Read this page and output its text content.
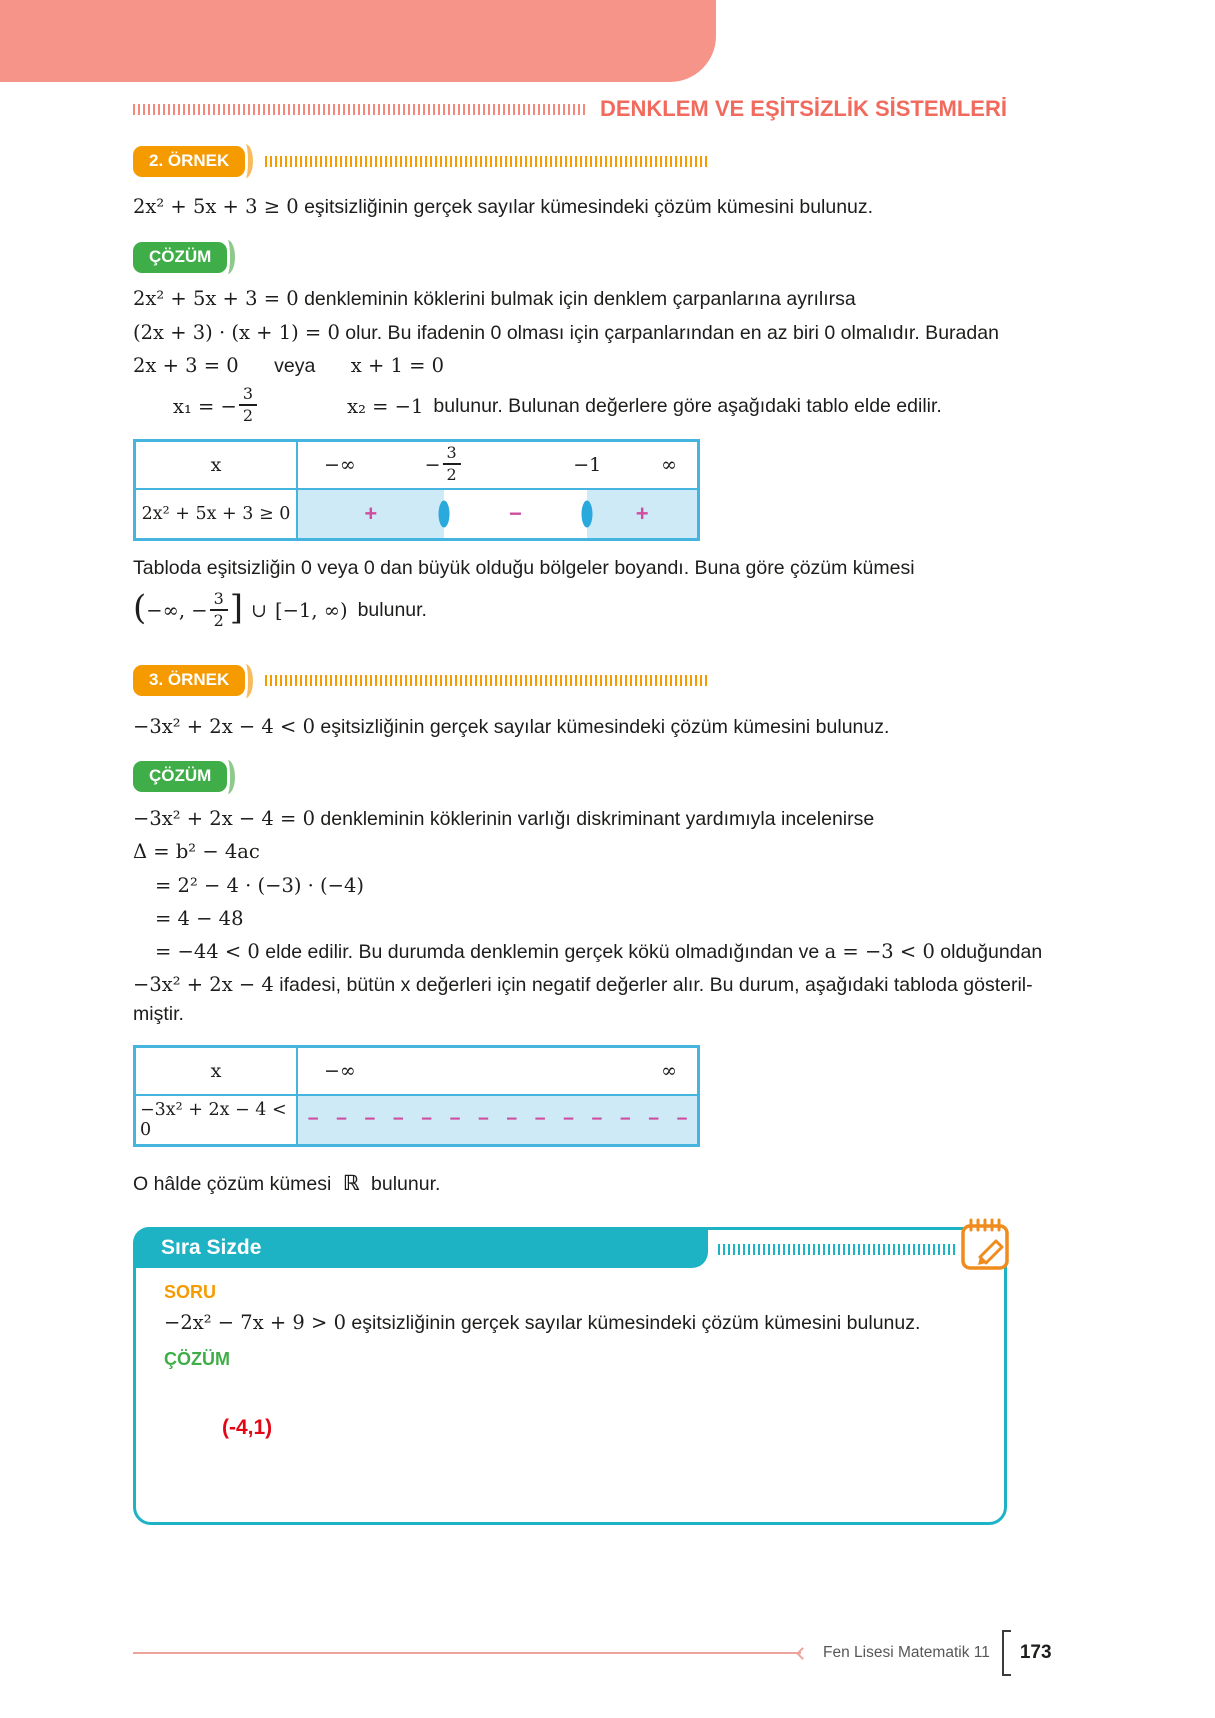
DENKLEM VE EŞİTSİZLİK SİSTEMLERİ
2. ÖRNEK

2x² + 5x + 3 ≥ 0 eşitsizliğinin gerçek sayılar kümesindeki çözüm kümesini bulunuz.

ÇÖZÜM

2x² + 5x + 3 = 0 denkleminin köklerini bulmak için denklem çarpanlarına ayrılırsa

(2x + 3) · (x + 1) = 0 olur. Bu ifadenin 0 olması için çarpanlarından en az biri 0 olmalıdır. Buradan

2x + 3 = 0 veya x + 1 = 0

x₁ = − $\frac{3}{2}$	x₂ = −1 bulunur. Bulunan değerlere göre aşağıdaki tablo elde edilir.
x	−∞	− $\frac{3}{2}$	−1	∞
2x² + 5x + 3 ≥ 0	+	−	+

Tabloda eşitsizliğin 0 veya 0 dan büyük olduğu bölgeler boyandı. Buna göre çözüm kümesi

( −∞, − $\frac{3}{2}$ ] ∪ [−1, ∞) bulunur.
3. ÖRNEK

−3x² + 2x − 4 < 0 eşitsizliğinin gerçek sayılar kümesindeki çözüm kümesini bulunuz.

ÇÖZÜM

−3x² + 2x − 4 = 0 denkleminin köklerinin varlığı diskriminant yardımıyla incelenirse

Δ = b² − 4ac

= 2² − 4 · (−3) · (−4)

= 4 − 48

= −44 < 0 elde edilir. Bu durumda denklemin gerçek kökü olmadığından ve a = −3 < 0 olduğundan

−3x² + 2x − 4 ifadesi, bütün x değerleri için negatif değerler alır. Bu durum, aşağıdaki tabloda gösteril-

miştir.

x	−∞	∞
−3x² + 2x − 4 < 0	− − − − − − − − − − − − − −

O hâlde çözüm kümesi ℝ bulunur.

Sıra Sizde
SORU

−2x² − 7x + 9 > 0 eşitsizliğinin gerçek sayılar kümesindeki çözüm kümesini bulunuz.

ÇÖZÜM
(-4,1)
Fen Lisesi Matematik 11 173
